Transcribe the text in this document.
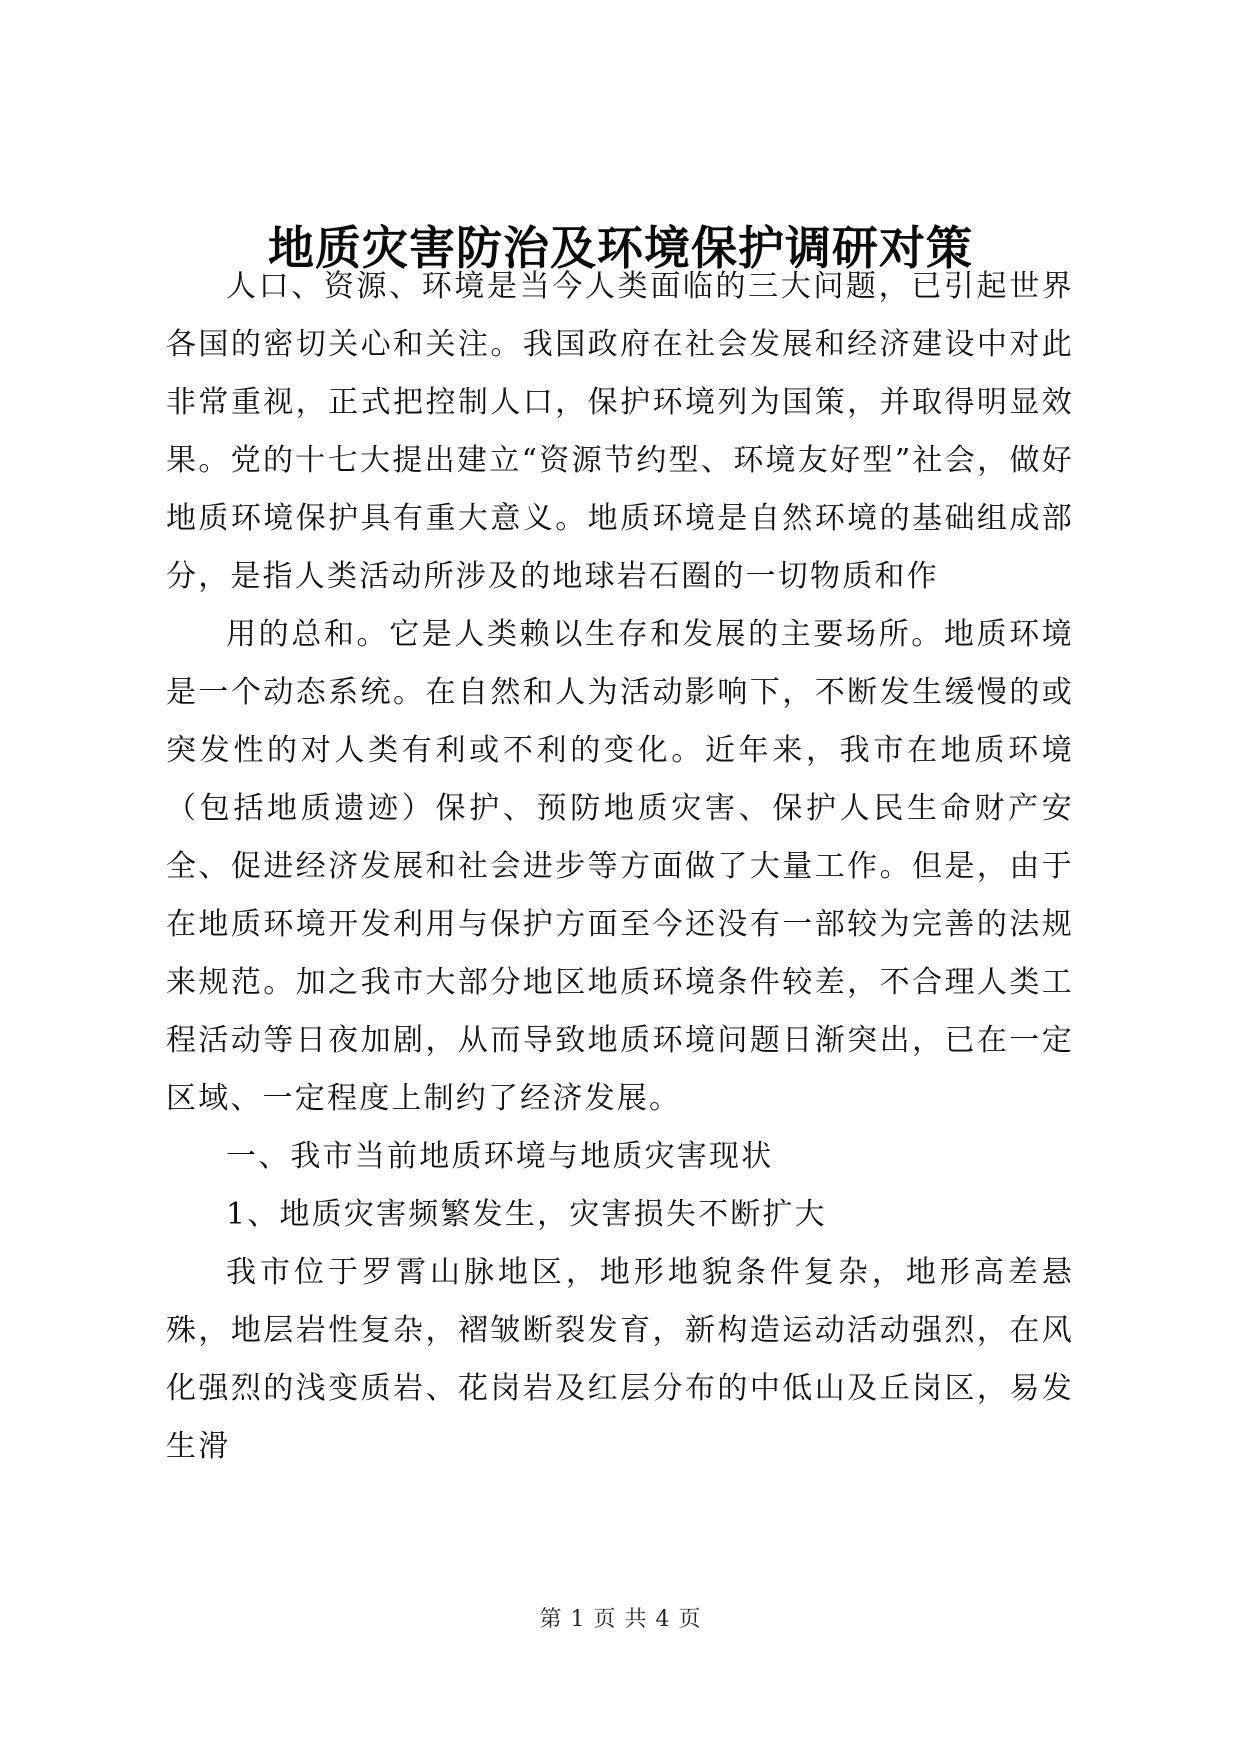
地质灾害防治及环境保护调研对策

人口、资源、环境是当今人类面临的三大问题，已引起世界各国的密切关心和关注。我国政府在社会发展和经济建设中对此非常重视，正式把控制人口，保护环境列为国策，并取得明显效果。党的十七大提出建立“资源节约型、环境友好型”社会，做好地质环境保护具有重大意义。地质环境是自然环境的基础组成部分，是指人类活动所涉及的地球岩石圈的一切物质和作

用的总和。它是人类赖以生存和发展的主要场所。地质环境是一个动态系统。在自然和人为活动影响下，不断发生缓慢的或突发性的对人类有利或不利的变化。近年来，我市在地质环境（包括地质遗迹）保护、预防地质灾害、保护人民生命财产安全、促进经济发展和社会进步等方面做了大量工作。但是，由于在地质环境开发利用与保护方面至今还没有一部较为完善的法规来规范。加之我市大部分地区地质环境条件较差，不合理人类工程活动等日夜加剧，从而导致地质环境问题日渐突出，已在一定区域、一定程度上制约了经济发展。

一、我市当前地质环境与地质灾害现状

1、地质灾害频繁发生，灾害损失不断扩大

我市位于罗霄山脉地区，地形地貌条件复杂，地形高差悬殊，地层岩性复杂，褶皱断裂发育，新构造运动活动强烈，在风化强烈的浅变质岩、花岗岩及红层分布的中低山及丘岗区，易发生滑

第 1 页 共 4 页
